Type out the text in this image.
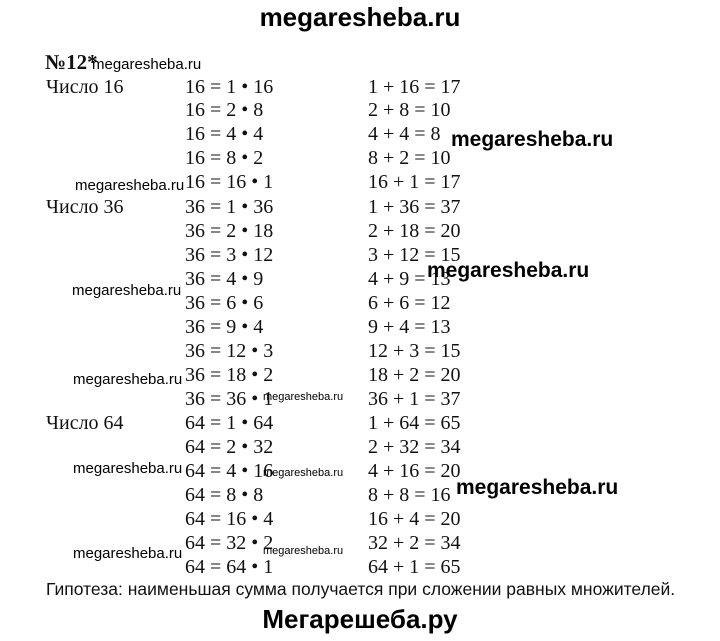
megaresheba.ru
Мегарешеба.ру
№12*
Число 16	16 = 1 • 16	1 + 16 = 17
16 = 2 • 8	2 + 8 = 10
16 = 4 • 4	4 + 4 = 8
16 = 8 • 2	8 + 2 = 10
16 = 16 • 1	16 + 1 = 17
Число 36	36 = 1 • 36	1 + 36 = 37
36 = 2 • 18	2 + 18 = 20
36 = 3 • 12	3 + 12 = 15
36 = 4 • 9	4 + 9 = 13
36 = 6 • 6	6 + 6 = 12
36 = 9 • 4	9 + 4 = 13
36 = 12 • 3	12 + 3 = 15
36 = 18 • 2	18 + 2 = 20
36 = 36 • 1	36 + 1 = 37
Число 64	64 = 1 • 64	1 + 64 = 65
64 = 2 • 32	2 + 32 = 34
64 = 4 • 16	4 + 16 = 20
64 = 8 • 8	8 + 8 = 16
64 = 16 • 4	16 + 4 = 20
64 = 32 • 2	32 + 2 = 34
64 = 64 • 1	64 + 1 = 65
Гипотеза: наименьшая сумма получается при сложении равных множителей.
megaresheba.ru
megaresheba.ru
megaresheba.ru
megaresheba.ru
megaresheba.ru
megaresheba.ru
megaresheba.ru
megaresheba.ru	megaresheba.ru
megaresheba.ru
megaresheba.ru	megaresheba.ru
